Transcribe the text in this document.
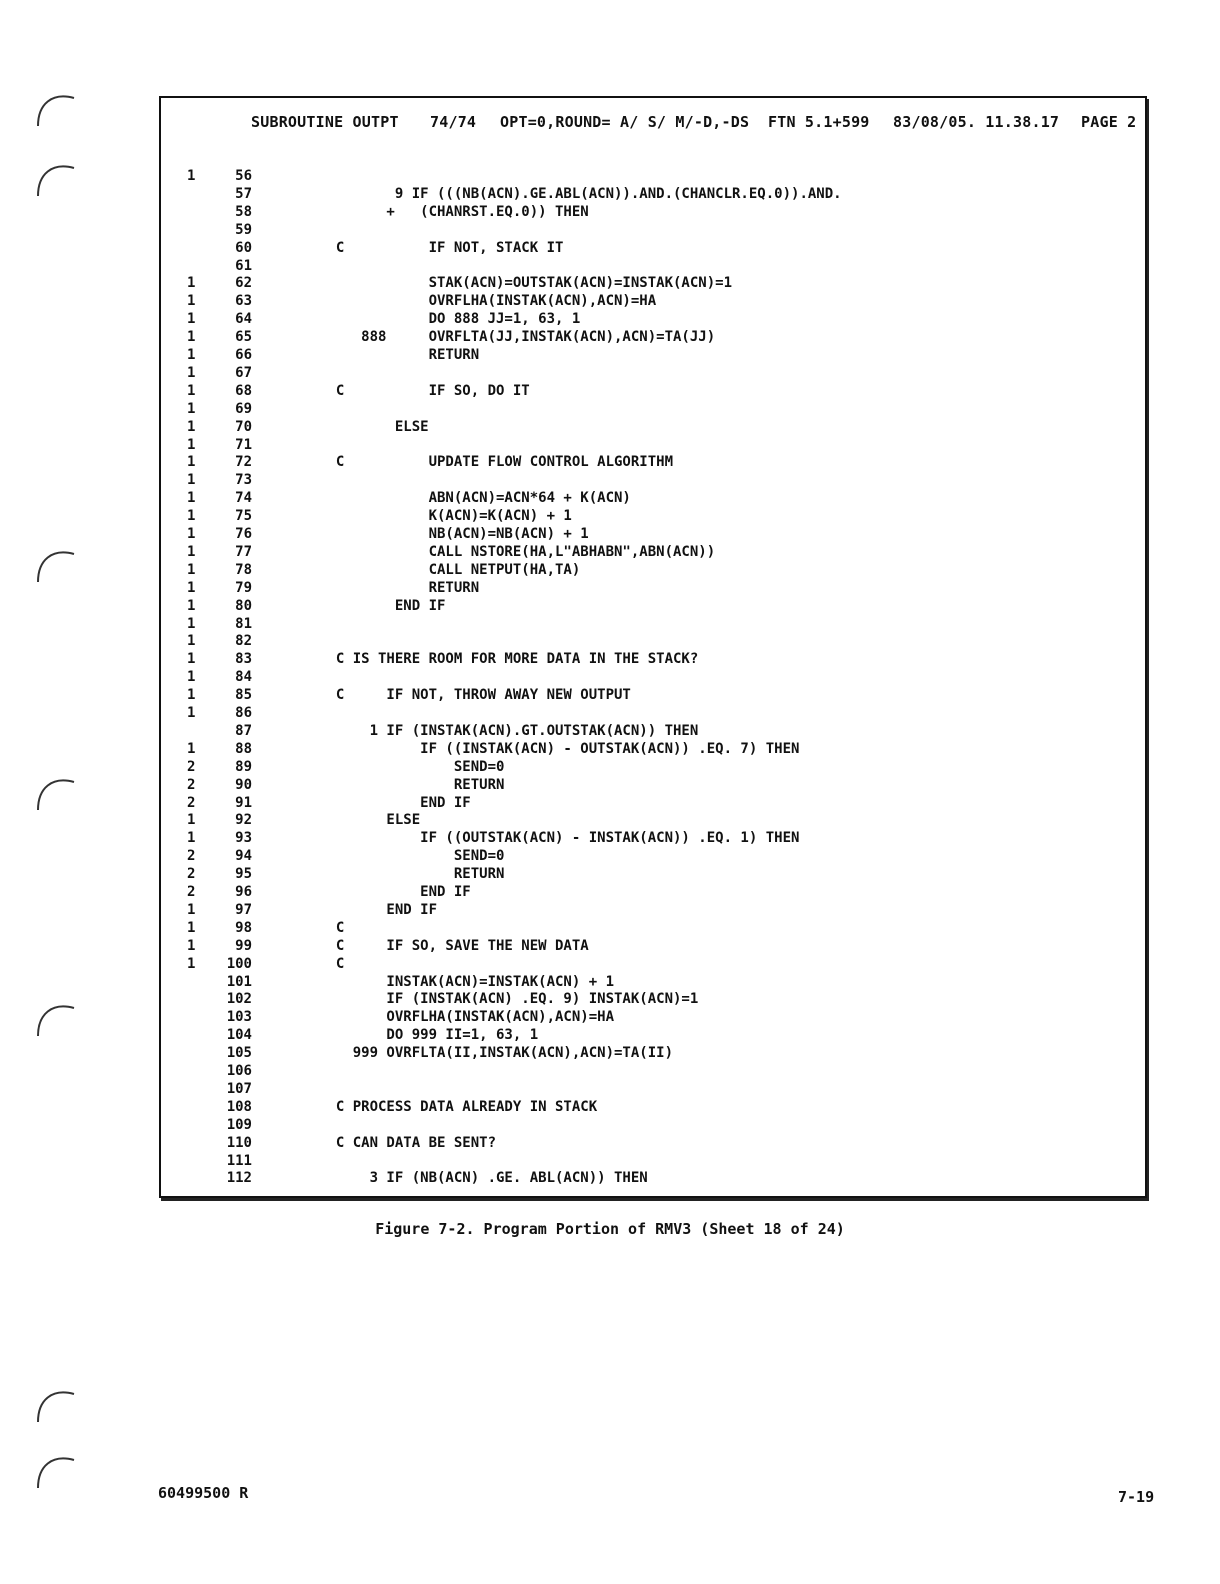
SUBROUTINE OUTPT 74/74 OPT=0,ROUND= A/ S/ M/-D,-DS FTN 5.1+599 83/08/05. 11.38.17 PAGE 2
1	56
57 9 IF (((NB(ACN).GE.ABL(ACN)).AND.(CHANCLR.EQ.0)).AND.
58 +   (CHANRST.EQ.0)) THEN
59
60 C          IF NOT, STACK IT
61
1	62 STAK(ACN)=OUTSTAK(ACN)=INSTAK(ACN)=1
1	63 OVRFLHA(INSTAK(ACN),ACN)=HA
1	64 DO 888 JJ=1, 63, 1
1	65 888     OVRFLTA(JJ,INSTAK(ACN),ACN)=TA(JJ)
1	66 RETURN
1	67
1	68 C          IF SO, DO IT
1	69
1	70 ELSE
1	71
1	72 C          UPDATE FLOW CONTROL ALGORITHM
1	73
1	74 ABN(ACN)=ACN*64 + K(ACN)
1	75 K(ACN)=K(ACN) + 1
1	76 NB(ACN)=NB(ACN) + 1
1	77 CALL NSTORE(HA,L"ABHABN",ABN(ACN))
1	78 CALL NETPUT(HA,TA)
1	79 RETURN
1	80 END IF
1	81
1	82
1	83 C IS THERE ROOM FOR MORE DATA IN THE STACK?
1	84
1	85 C     IF NOT, THROW AWAY NEW OUTPUT
1	86
87 1 IF (INSTAK(ACN).GT.OUTSTAK(ACN)) THEN
1	88 IF ((INSTAK(ACN) - OUTSTAK(ACN)) .EQ. 7) THEN
2	89 SEND=0
2	90 RETURN
2	91 END IF
1	92 ELSE
1	93 IF ((OUTSTAK(ACN) - INSTAK(ACN)) .EQ. 1) THEN
2	94 SEND=0
2	95 RETURN
2	96 END IF
1	97 END IF
1	98 C
1	99 C     IF SO, SAVE THE NEW DATA
1	100 C
101 INSTAK(ACN)=INSTAK(ACN) + 1
102 IF (INSTAK(ACN) .EQ. 9) INSTAK(ACN)=1
103 OVRFLHA(INSTAK(ACN),ACN)=HA
104 DO 999 II=1, 63, 1
105 999 OVRFLTA(II,INSTAK(ACN),ACN)=TA(II)
106
107
108 C PROCESS DATA ALREADY IN STACK
109
110 C CAN DATA BE SENT?
111
112 3 IF (NB(ACN) .GE. ABL(ACN)) THEN
Figure 7-2. Program Portion of RMV3 (Sheet 18 of 24)
60499500 R	7-19
